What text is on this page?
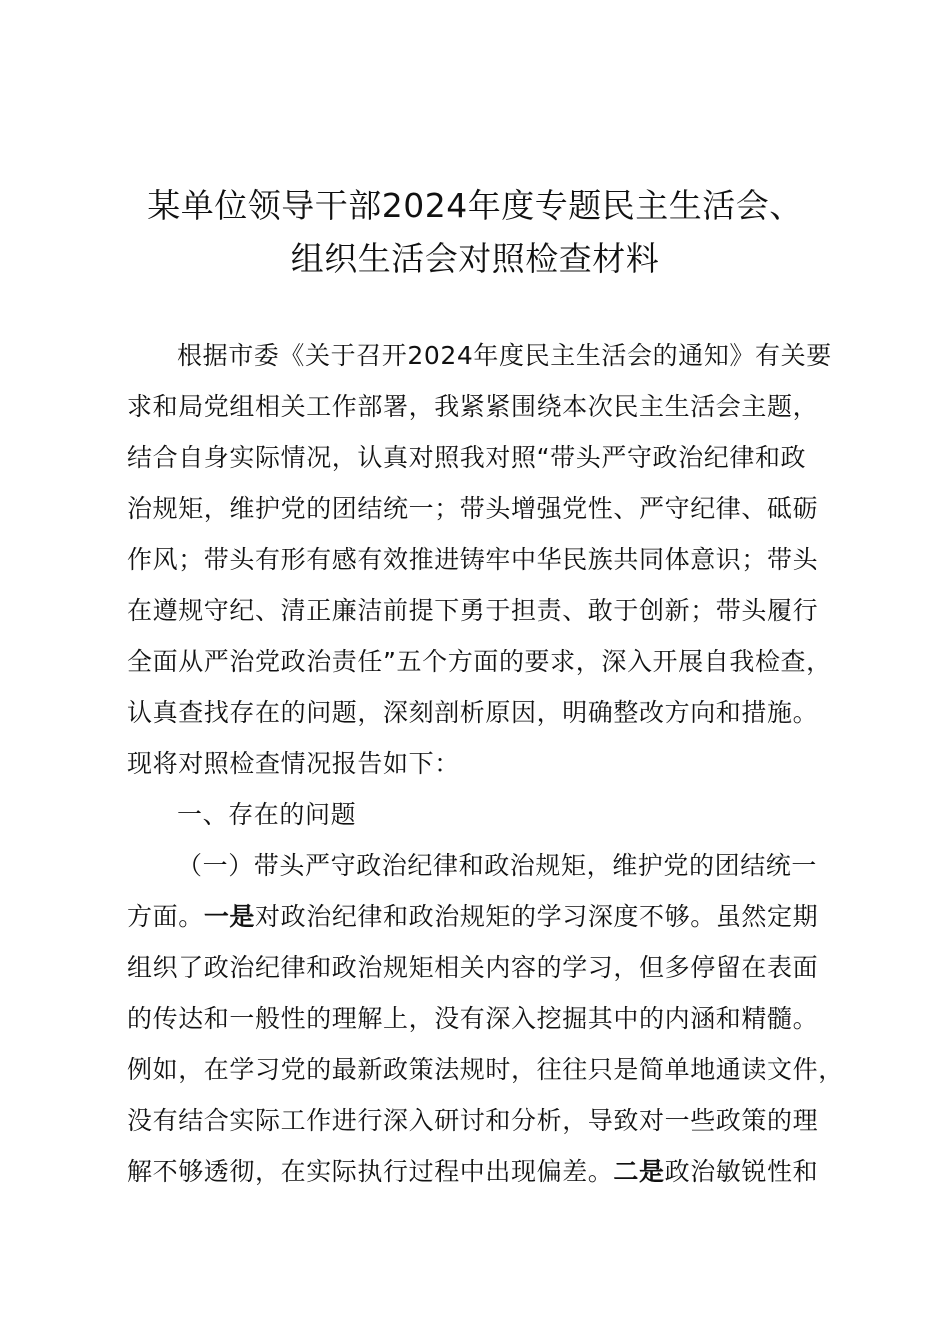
某单位领导干部2024年度专题民主生活会、
组织生活会对照检查材料
根据市委《关于召开2024年度民主生活会的通知》有关要
求和局党组相关工作部署，我紧紧围绕本次民主生活会主题，
结合自身实际情况，认真对照我对照“带头严守政治纪律和政
治规矩，维护党的团结统一；带头增强党性、严守纪律、砥砺
作风；带头有形有感有效推进铸牢中华民族共同体意识；带头
在遵规守纪、清正廉洁前提下勇于担责、敢于创新；带头履行
全面从严治党政治责任”五个方面的要求，深入开展自我检查，
认真查找存在的问题，深刻剖析原因，明确整改方向和措施。
现将对照检查情况报告如下：
一、存在的问题
（一）带头严守政治纪律和政治规矩，维护党的团结统一
方面。一是对政治纪律和政治规矩的学习深度不够。虽然定期
组织了政治纪律和政治规矩相关内容的学习，但多停留在表面
的传达和一般性的理解上，没有深入挖掘其中的内涵和精髓。
例如，在学习党的最新政策法规时，往往只是简单地通读文件，
没有结合实际工作进行深入研讨和分析，导致对一些政策的理
解不够透彻，在实际执行过程中出现偏差。二是政治敏锐性和
